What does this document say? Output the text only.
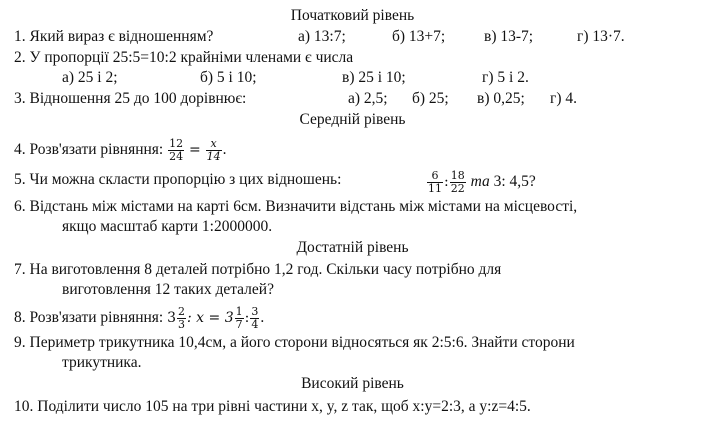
Початковий рівень
1. Який вираз є відношенням?	а) 13:7;	б) 13+7;	в) 13-7;	г) 13·7.
2. У пропорції 25:5=10:2 крайніми членами є числа
а) 25 і 2;	б) 5 і 10;	в) 25 і 10;	г) 5 і 2.
3. Відношення 25 до 100 дорівнює:	а) 2,5; б) 25; в) 0,25; г) 4.
Середній рівень
4. Розв'язати рівняння: $\frac{12}{24} = \frac{x}{14}$ .
5. Чи можна скласти пропорцію з цих відношень:	$\frac{6}{11}$ : $\frac{18}{22}$ та 3: 4,5?
6. Відстань між містами на карті 6см. Визначити відстань між містами на місцевості,
якщо масштаб карти 1:2000000.
Достатній рівень
7. На виготовлення 8 деталей потрібно 1,2 год. Скільки часу потрібно для
виготовлення 12 таких деталей?
8. Розв'язати рівняння: $3 \frac{2}{3}$ : $x = 3 \frac{1}{7}$ : $\frac{3}{4}$ .
9. Периметр трикутника 10,4см, а його сторони відносяться як 2:5:6. Знайти сторони
трикутника.
Високий рівень
10. Поділити число 105 на три рівні частини x, y, z так, щоб x:y=2:3, а y:z=4:5.
